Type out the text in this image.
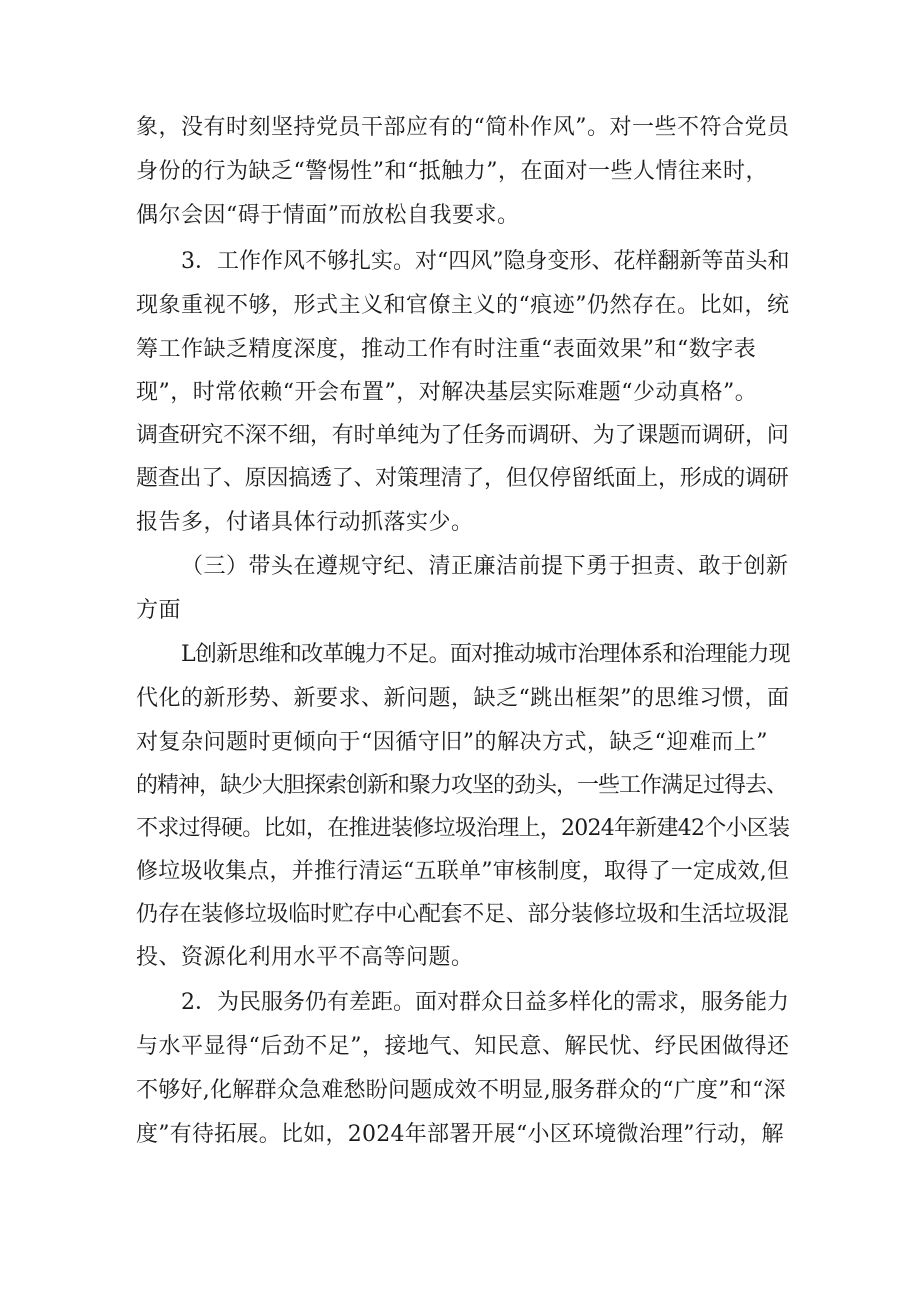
象，没有时刻坚持党员干部应有的“简朴作风”。对一些不符合党员
身份的行为缺乏“警惕性”和“抵触力”，在面对一些人情往来时，
偶尔会因“碍于情面”而放松自我要求。
3．工作作风不够扎实。对“四风”隐身变形、花样翻新等苗头和
现象重视不够，形式主义和官僚主义的“痕迹”仍然存在。比如，统
筹工作缺乏精度深度，推动工作有时注重“表面效果”和“数字表
现”，时常依赖“开会布置”，对解决基层实际难题“少动真格”。
调查研究不深不细，有时单纯为了任务而调研、为了课题而调研，问
题查出了、原因搞透了、对策理清了，但仅停留纸面上，形成的调研
报告多，付诸具体行动抓落实少。
（三）带头在遵规守纪、清正廉洁前提下勇于担责、敢于创新
方面
L创新思维和改革魄力不足。面对推动城市治理体系和治理能力现
代化的新形势、新要求、新问题，缺乏“跳出框架”的思维习惯，面
对复杂问题时更倾向于“因循守旧”的解决方式，缺乏“迎难而上”
的精神，缺少大胆探索创新和聚力攻坚的劲头，一些工作满足过得去、
不求过得硬。比如，在推进装修垃圾治理上，2024年新建42个小区装
修垃圾收集点，并推行清运“五联单”审核制度，取得了一定成效,但
仍存在装修垃圾临时贮存中心配套不足、部分装修垃圾和生活垃圾混
投、资源化利用水平不高等问题。
2．为民服务仍有差距。面对群众日益多样化的需求，服务能力
与水平显得“后劲不足”，接地气、知民意、解民忧、纾民困做得还
不够好,化解群众急难愁盼问题成效不明显,服务群众的“广度”和“深
度”有待拓展。比如，2024年部署开展“小区环境微治理”行动，解
